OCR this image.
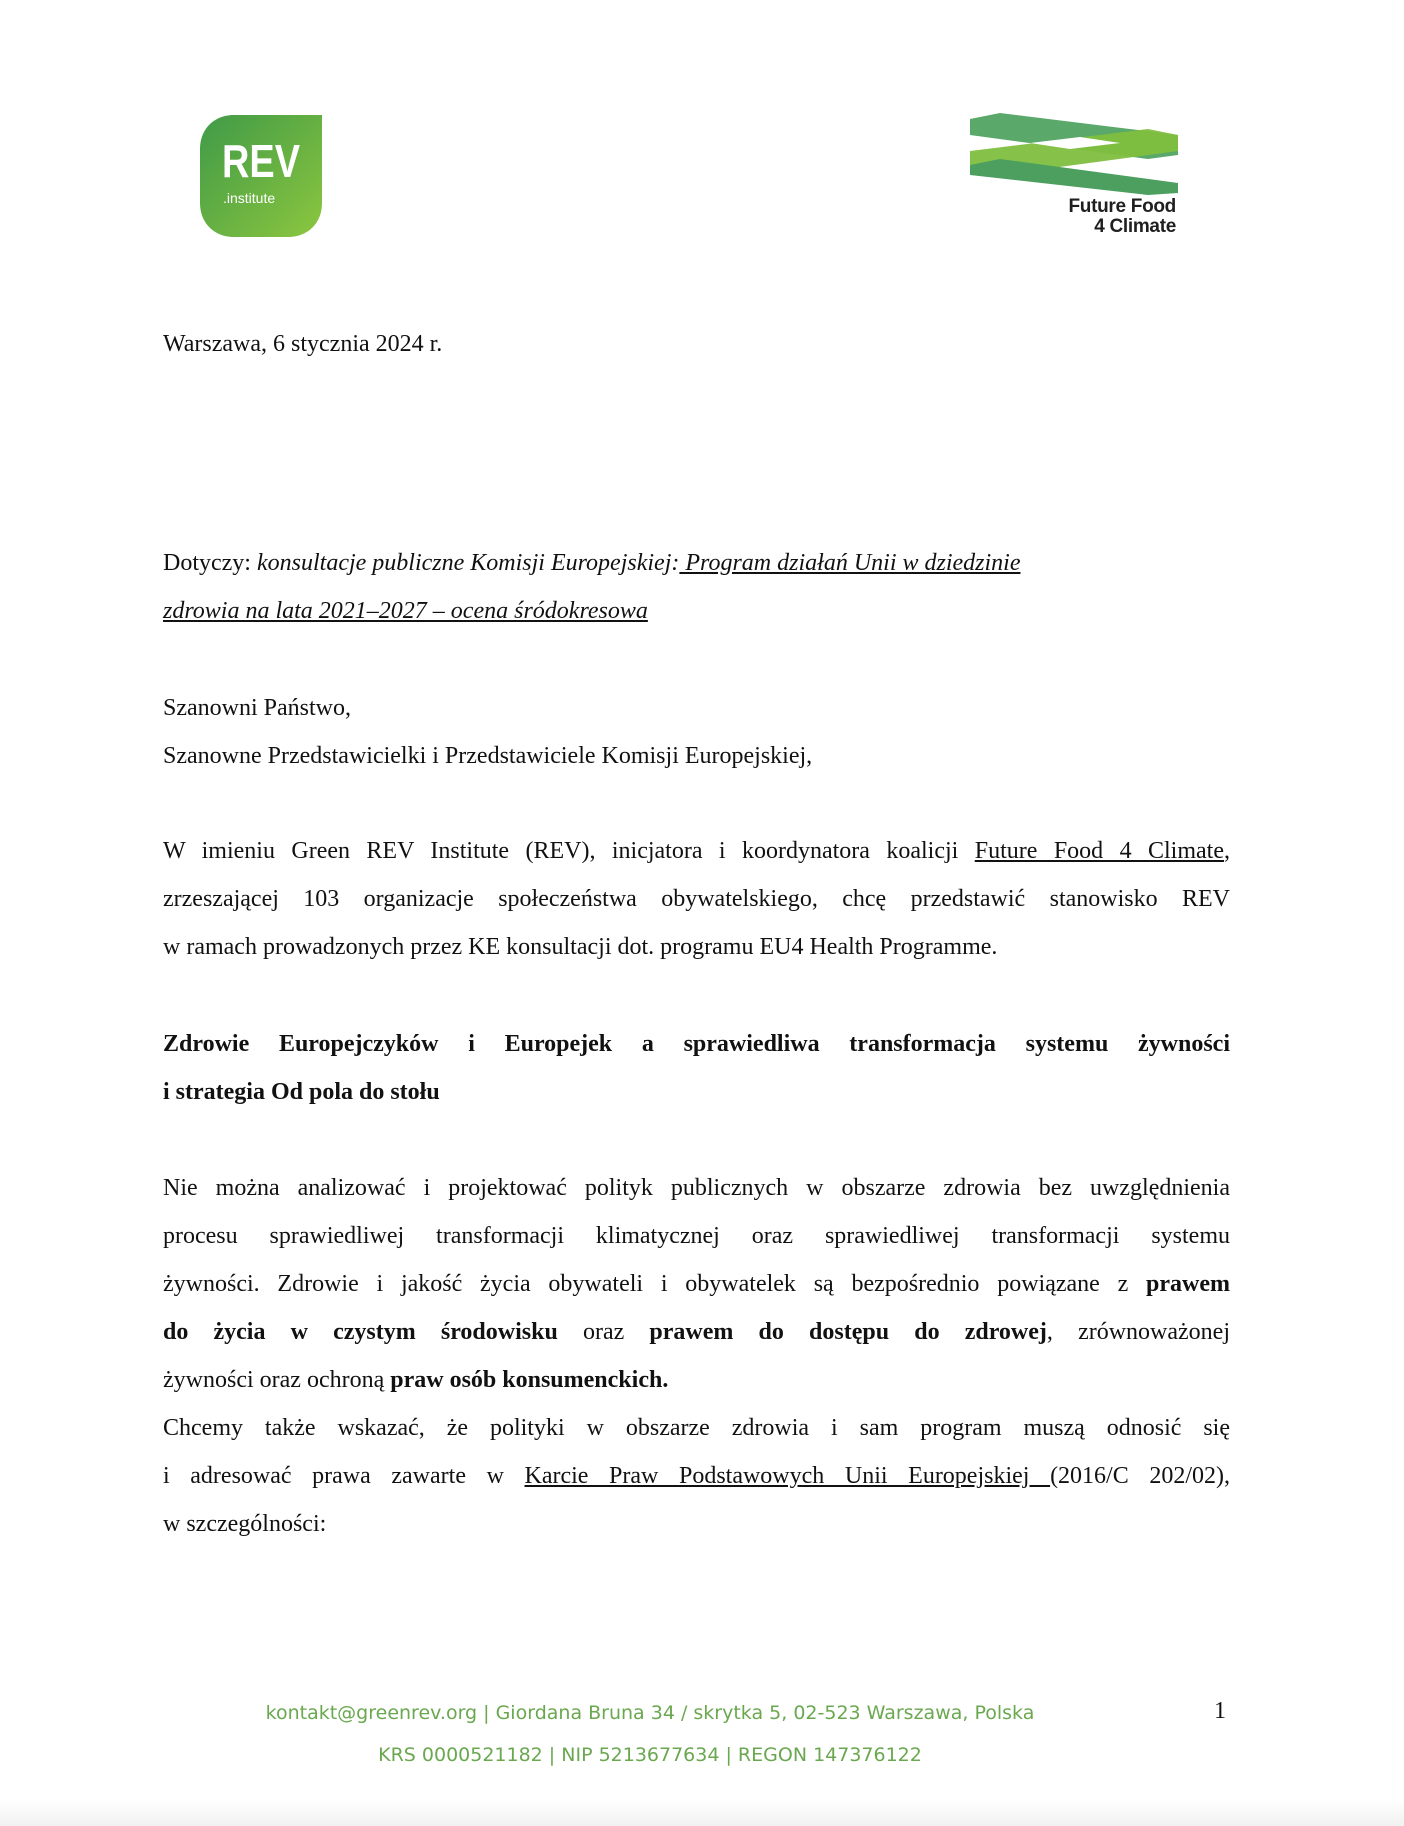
REV
.institute	Future Food
4 Climate
Warszawa, 6 stycznia 2024 r.
Dotyczy: konsultacje publiczne Komisji Europejskiej: Program działań Unii w dziedzinie
zdrowia na lata 2021–2027 – ocena śródokresowa
Szanowni Państwo,
Szanowne Przedstawicielki i Przedstawiciele Komisji Europejskiej,
W imieniu Green REV Institute (REV), inicjatora i koordynatora koalicji Future Food 4 Climate,
zrzeszającej 103 organizacje społeczeństwa obywatelskiego, chcę przedstawić stanowisko REV
w ramach prowadzonych przez KE konsultacji dot. programu EU4 Health Programme.
Zdrowie Europejczyków i Europejek a sprawiedliwa transformacja systemu żywności
i strategia Od pola do stołu
Nie można analizować i projektować polityk publicznych w obszarze zdrowia bez uwzględnienia
procesu sprawiedliwej transformacji klimatycznej oraz sprawiedliwej transformacji systemu
żywności. Zdrowie i jakość życia obywateli i obywatelek są bezpośrednio powiązane z prawem
do życia w czystym środowisku oraz prawem do dostępu do zdrowej, zrównoważonej
żywności oraz ochroną praw osób konsumenckich.
Chcemy także wskazać, że polityki w obszarze zdrowia i sam program muszą odnosić się
i adresować prawa zawarte w Karcie Praw Podstawowych Unii Europejskiej (2016/C 202/02),
w szczególności:
kontakt@greenrev.org | Giordana Bruna 34 / skrytka 5, 02-523 Warszawa, Polska
KRS 0000521182 | NIP 5213677634 | REGON 147376122
1
